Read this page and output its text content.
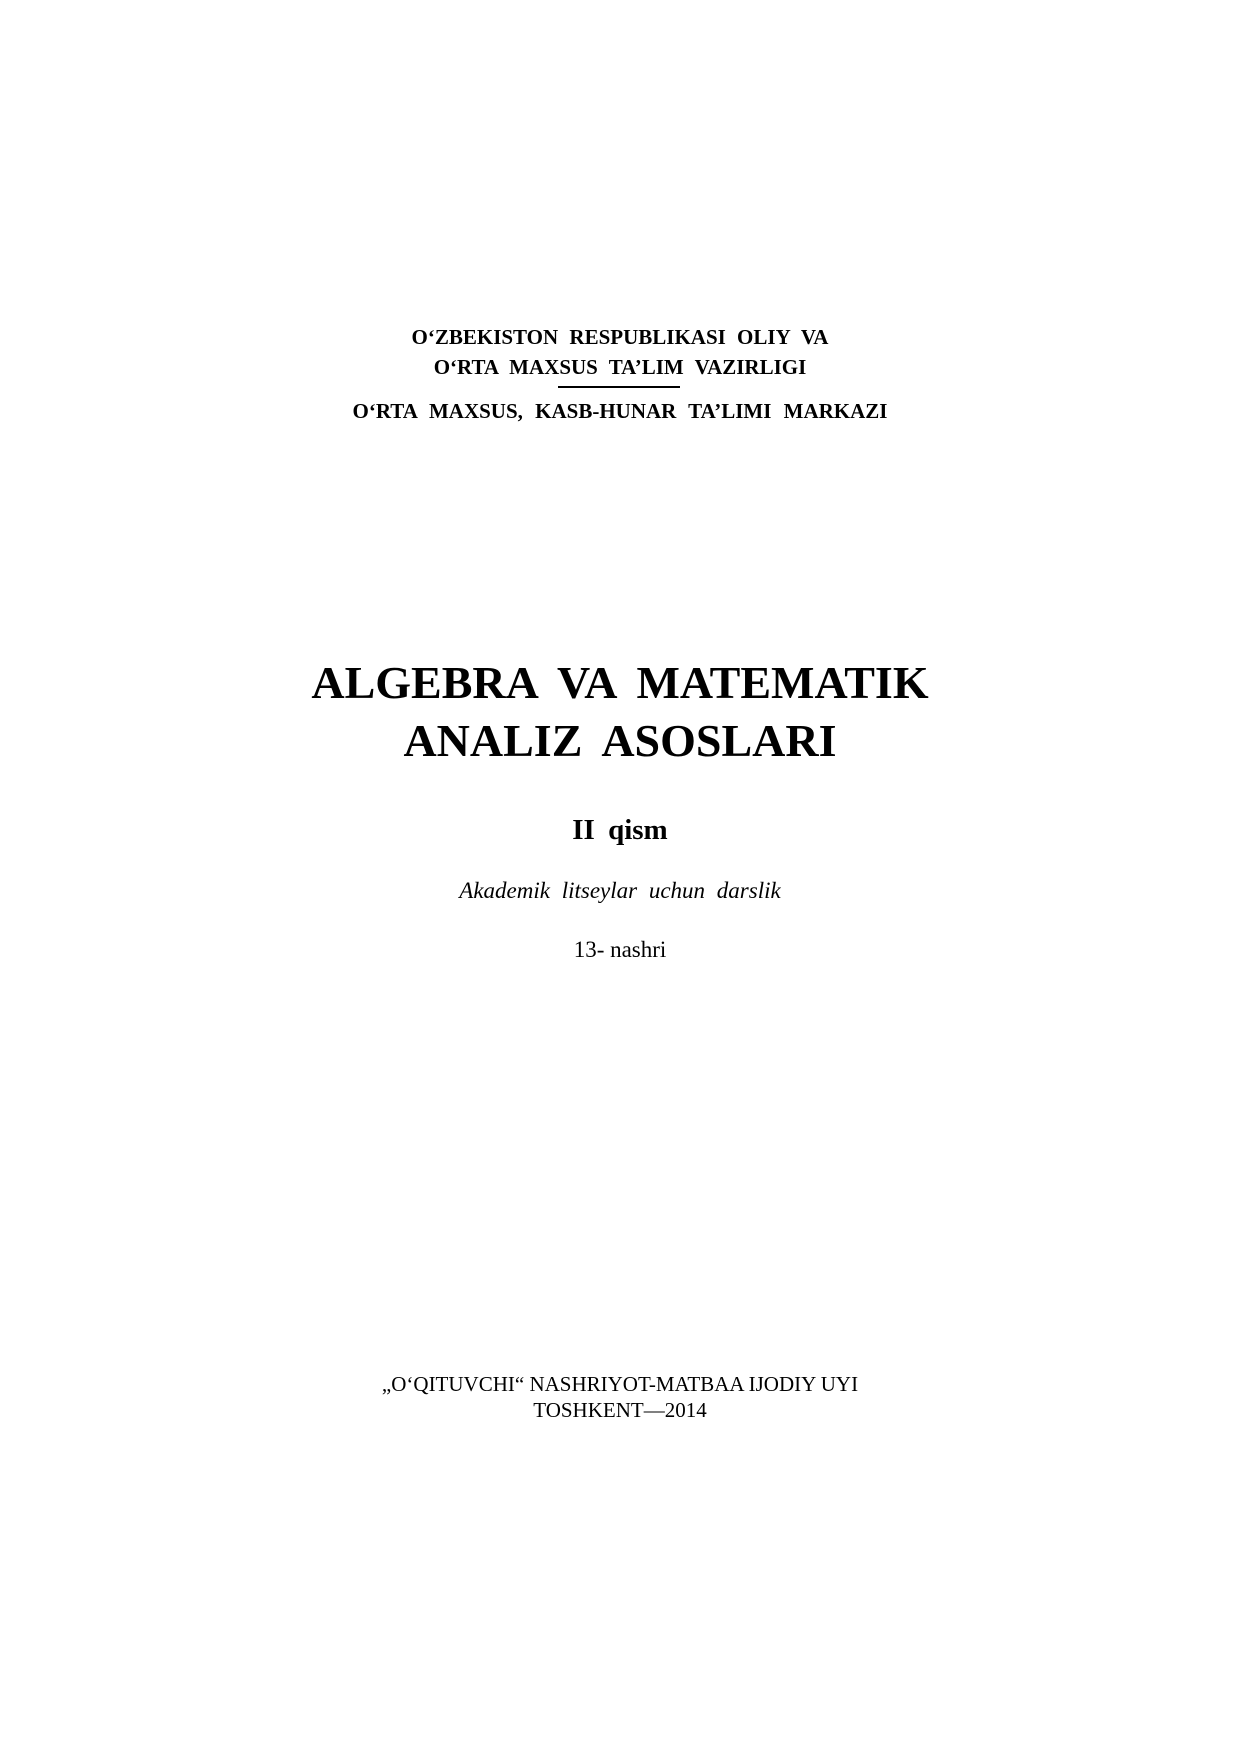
O‘ZBEKISTON RESPUBLIKASI OLIY VA
O‘RTA MAXSUS TA’LIM VAZIRLIGI
O‘RTA MAXSUS, KASB-HUNAR TA’LIMI MARKAZI
ALGEBRA VA MATEMATIK
ANALIZ ASOSLARI
II qism
Akademik litseylar uchun darslik
13- nashri
„O‘QITUVCHI“ NASHRIYOT-MATBAA IJODIY UYI
TOSHKENT—2014
